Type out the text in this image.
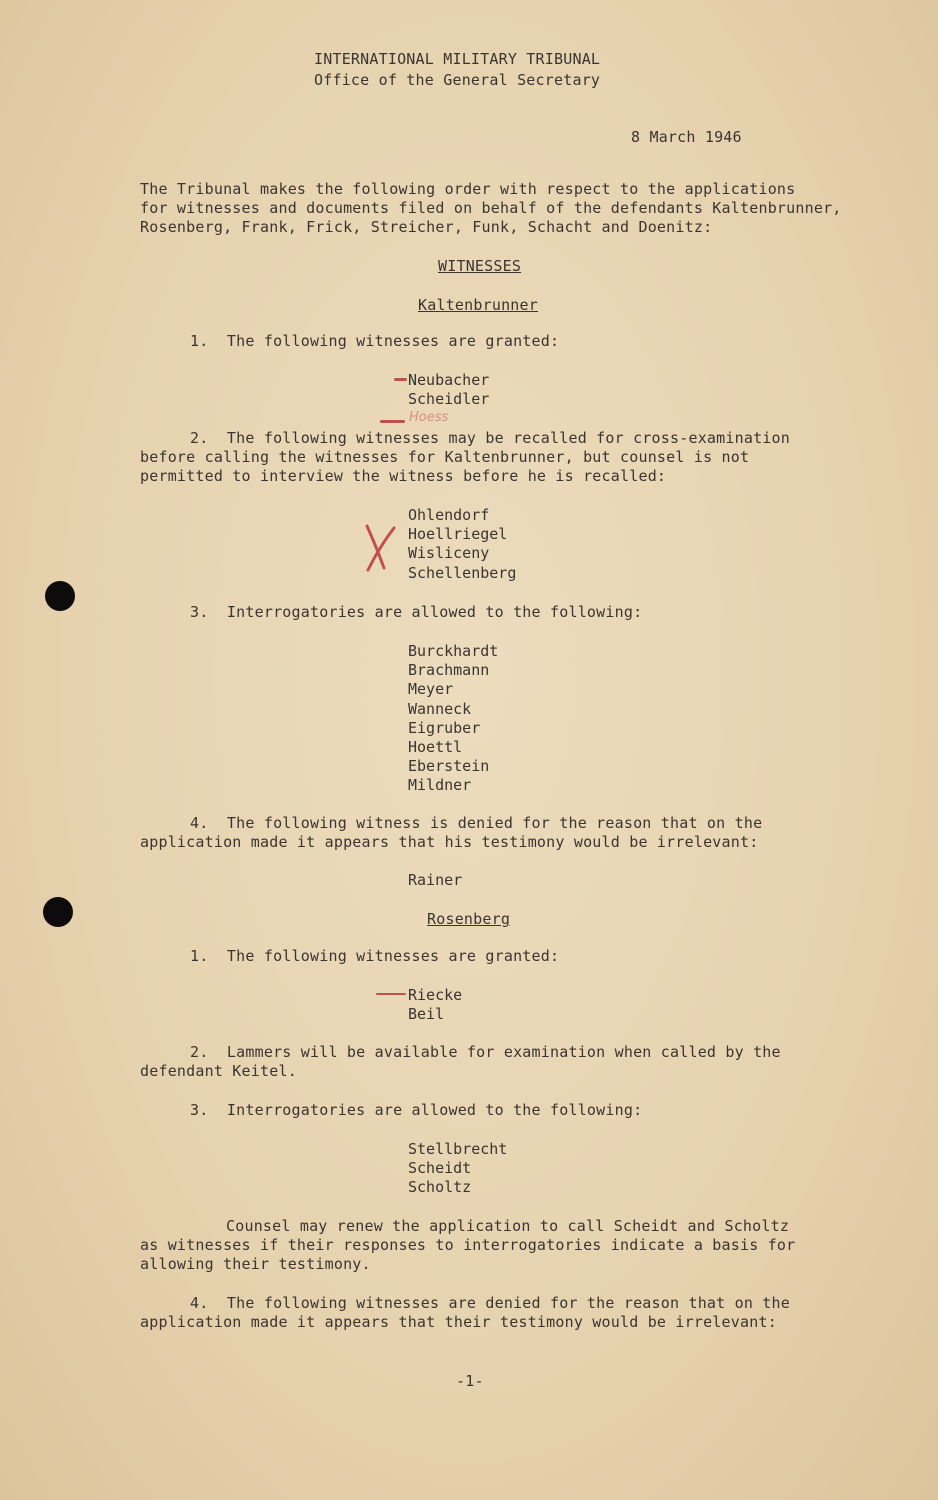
INTERNATIONAL MILITARY TRIBUNAL
Office of the General Secretary
8 March 1946
The Tribunal makes the following order with respect to the applications
for witnesses and documents filed on behalf of the defendants Kaltenbrunner,
Rosenberg, Frank, Frick, Streicher, Funk, Schacht and Doenitz:
WITNESSES
Kaltenbrunner
1.  The following witnesses are granted:
Neubacher
Scheidler
Hoess
2.  The following witnesses may be recalled for cross-examination
before calling the witnesses for Kaltenbrunner, but counsel is not
permitted to interview the witness before he is recalled:
Ohlendorf
Hoellriegel
Wisliceny
Schellenberg
3.  Interrogatories are allowed to the following:
Burckhardt
Brachmann
Meyer
Wanneck
Eigruber
Hoettl
Eberstein
Mildner
4.  The following witness is denied for the reason that on the
application made it appears that his testimony would be irrelevant:
Rainer
Rosenberg
1.  The following witnesses are granted:
Riecke
Beil
2.  Lammers will be available for examination when called by the
defendant Keitel.
3.  Interrogatories are allowed to the following:
Stellbrecht
Scheidt
Scholtz
Counsel may renew the application to call Scheidt and Scholtz
as witnesses if their responses to interrogatories indicate a basis for
allowing their testimony.
4.  The following witnesses are denied for the reason that on the
application made it appears that their testimony would be irrelevant:
-1-
